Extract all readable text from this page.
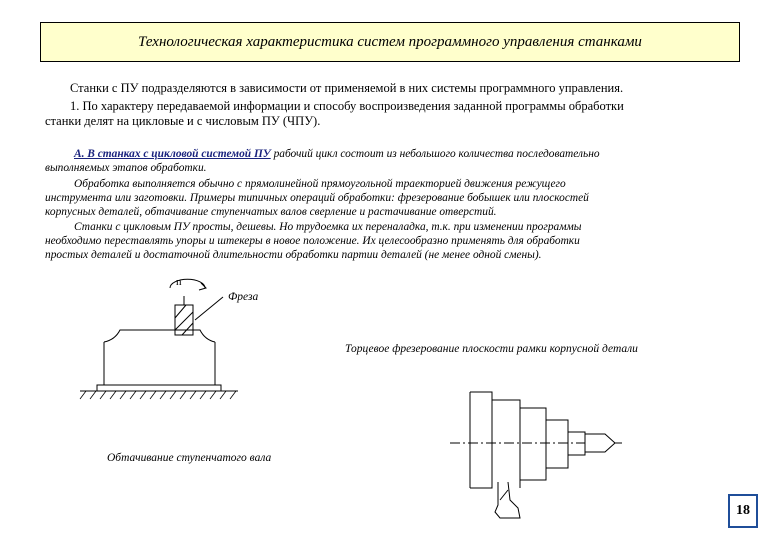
Технологическая характеристика систем программного управления станками
Станки с ПУ подразделяются в зависимости от применяемой в них системы программного управления.
1. По характеру передаваемой информации и способу воспроизведения заданной программы обработки
станки делят на цикловые и с числовым ПУ (ЧПУ).
А. В станках с цикловой системой ПУ рабочий цикл состоит из небольшого количества последовательно
выполняемых этапов обработки.
Обработка выполняется обычно с прямолинейной прямоугольной траекторией движения режущего
инструмента или заготовки. Примеры типичных операций обработки: фрезерование бобышек или плоскостей
корпусных деталей, обтачивание ступенчатых валов сверление и растачивание отверстий.
Станки с цикловым ПУ просты, дешевы. Но трудоемка их переналадка, т.к. при изменении программы
необходимо переставлять упоры и штекеры в новое положение. Их целесообразно применять для обработки
простых деталей и достаточной длительности обработки партии деталей (не менее одной смены).
Фреза
n
Торцевое фрезерование плоскости рамки корпусной детали
Обтачивание ступенчатого вала
18
